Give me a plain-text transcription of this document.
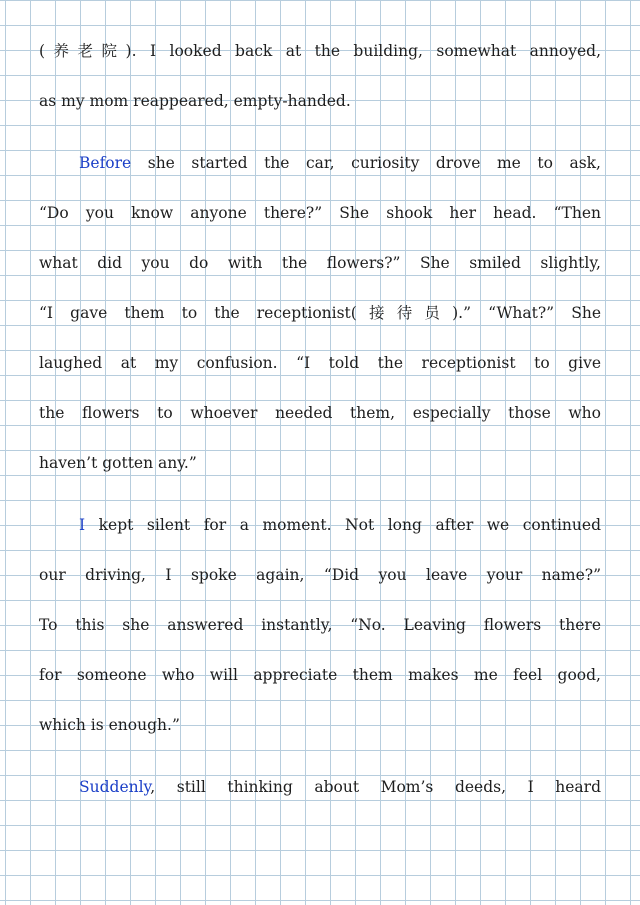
(养老院). I looked back at the building, somewhat annoyed,
as my mom reappeared, empty-handed.
Before she started the car, curiosity drove me to ask,
“Do you know anyone there?” She shook her head. “Then
what did you do with the flowers?” She smiled slightly,
“I gave them to the receptionist(接待员).” “What?” She
laughed at my confusion. “I told the receptionist to give
the flowers to whoever needed them, especially those who
haven’t gotten any.”
I kept silent for a moment. Not long after we continued
our driving, I spoke again, “Did you leave your name?”
To this she answered instantly, “No. Leaving flowers there
for someone who will appreciate them makes me feel good,
which is enough.”
Suddenly, still thinking about Mom’s deeds, I heard
